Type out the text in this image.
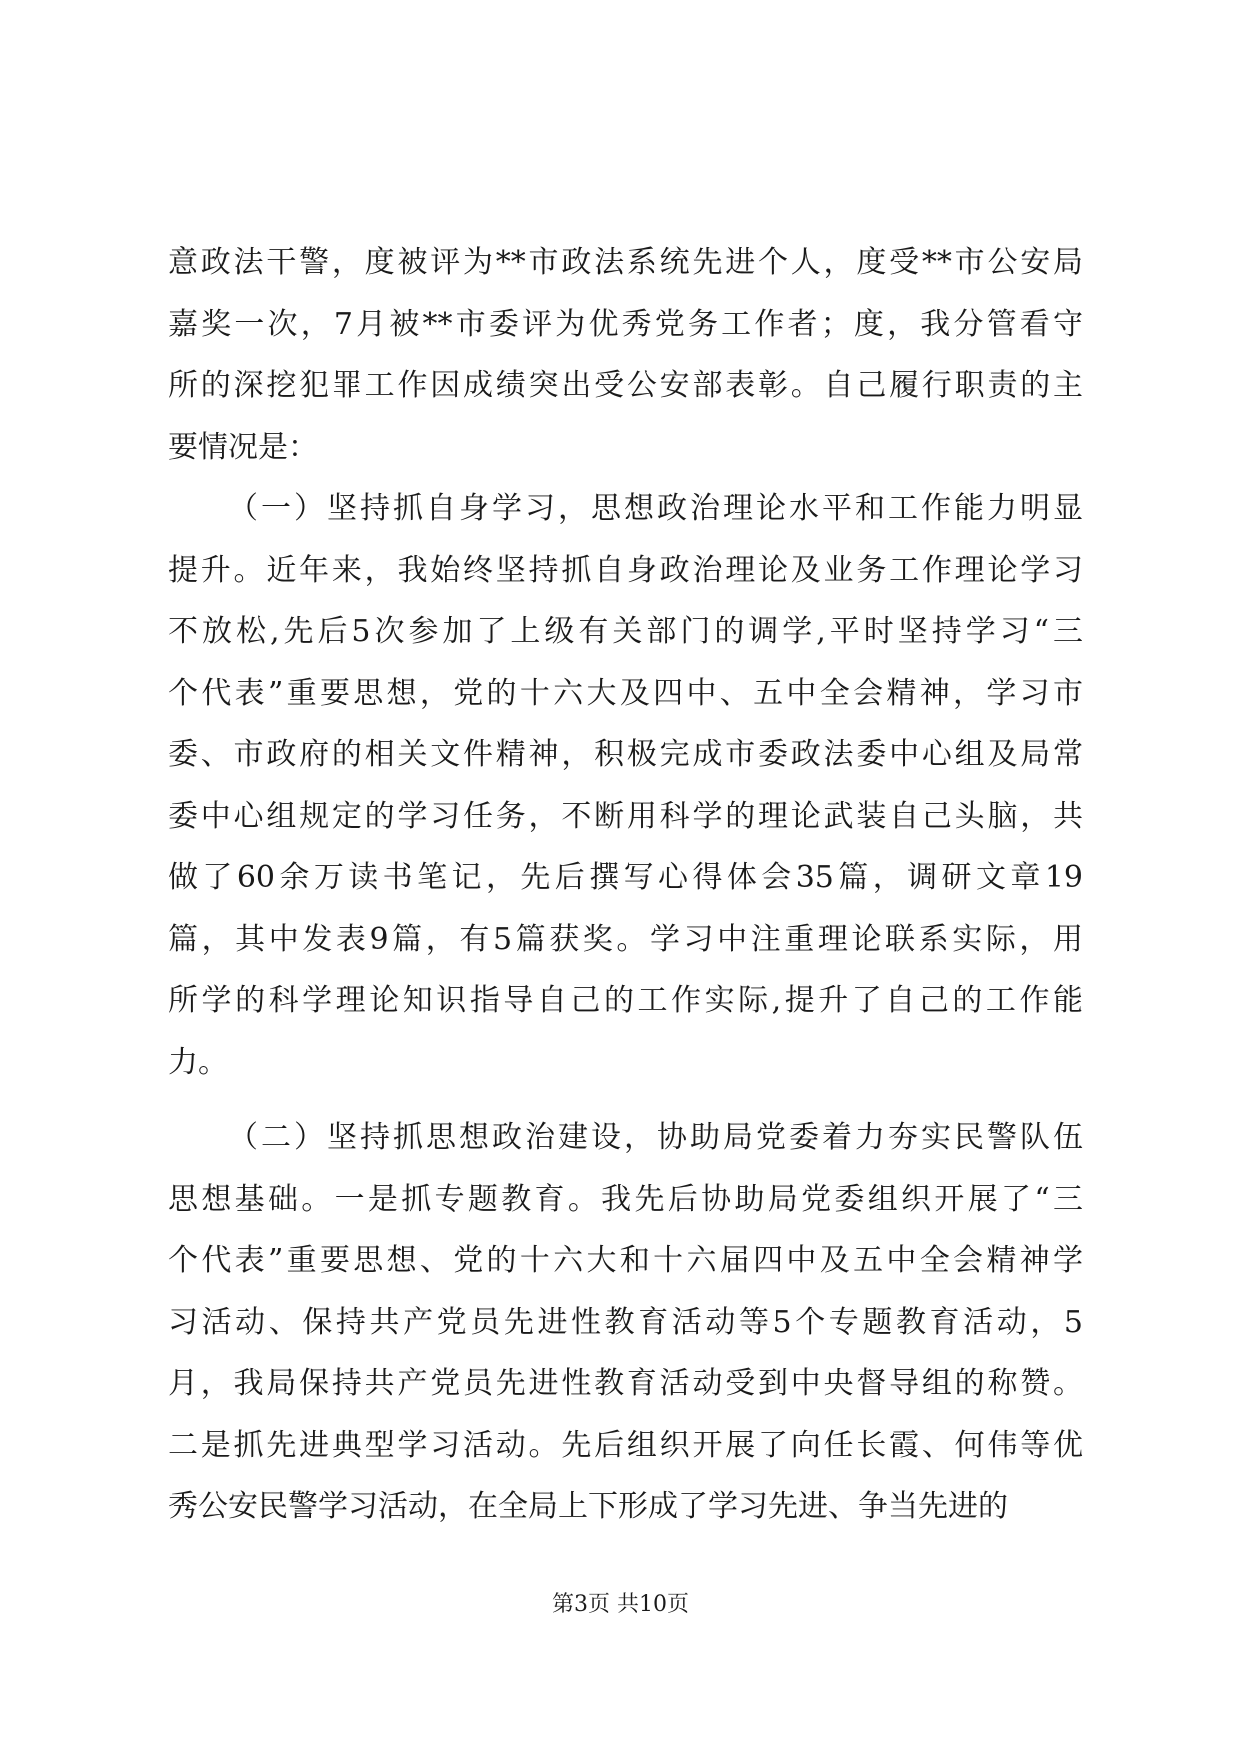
意政法干警，度被评为**市政法系统先进个人，度受**市公安局
嘉奖一次，7月被**市委评为优秀党务工作者；度，我分管看守
所的深挖犯罪工作因成绩突出受公安部表彰。自己履行职责的主
要情况是：
（一）坚持抓自身学习，思想政治理论水平和工作能力明显
提升。近年来，我始终坚持抓自身政治理论及业务工作理论学习
不放松,先后5次参加了上级有关部门的调学,平时坚持学习“三
个代表”重要思想，党的十六大及四中、五中全会精神，学习市
委、市政府的相关文件精神，积极完成市委政法委中心组及局常
委中心组规定的学习任务，不断用科学的理论武装自己头脑，共
做了60余万读书笔记，先后撰写心得体会35篇，调研文章19
篇，其中发表9篇，有5篇获奖。学习中注重理论联系实际，用
所学的科学理论知识指导自己的工作实际,提升了自己的工作能
力。
（二）坚持抓思想政治建设，协助局党委着力夯实民警队伍
思想基础。一是抓专题教育。我先后协助局党委组织开展了“三
个代表”重要思想、党的十六大和十六届四中及五中全会精神学
习活动、保持共产党员先进性教育活动等5个专题教育活动，5
月，我局保持共产党员先进性教育活动受到中央督导组的称赞。
二是抓先进典型学习活动。先后组织开展了向任长霞、何伟等优
秀公安民警学习活动，在全局上下形成了学习先进、争当先进的
第3页 共10页
